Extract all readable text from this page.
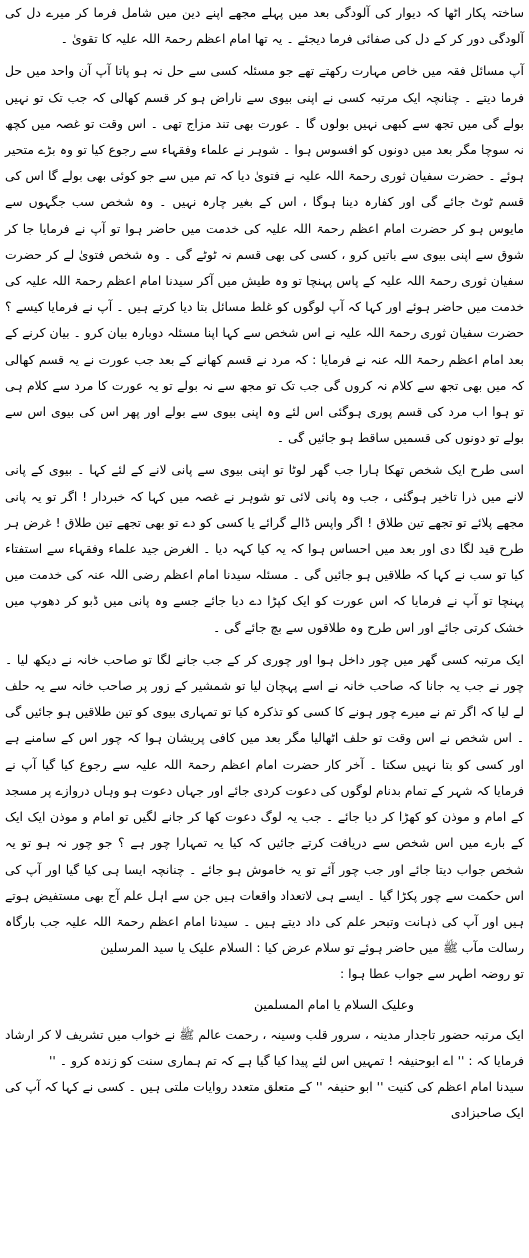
ساختہ پکار اٹھا کہ دیوار کی آلودگی بعد میں پہلے مجھے اپنے دین میں شامل فرما کر میرے دل کی آلودگی دور کر کے دل کی صفائی فرما دیجئے ۔ یہ تھا امام اعظم رحمۃ اللہ علیہ کا تقویٰ ۔

آپ مسائل فقہ میں خاص مہارت رکھتے تھے جو مسئلہ کسی سے حل نہ ہو پاتا آپ آن واحد میں حل فرما دیتے ۔ چنانچہ ایک مرتبہ کسی نے اپنی بیوی سے ناراض ہو کر قسم کھالی کہ جب تک تو نہیں بولے گی میں تجھ سے کبھی نہیں بولوں گا ۔ عورت بھی تند مزاج تھی ۔ اس وقت تو غصہ میں کچھ نہ سوچا مگر بعد میں دونوں کو افسوس ہوا ۔ شوہر نے علماء وفقہاء سے رجوع کیا تو وہ بڑے متحیر ہوئے ۔ حضرت سفیان ثوری رحمۃ اللہ علیہ نے فتویٰ دیا کہ تم میں سے جو کوئی بھی بولے گا اس کی قسم ٹوٹ جائے گی اور کفارہ دینا ہوگا ، اس کے بغیر چارہ نہیں ۔ وہ شخص سب جگہوں سے مایوس ہو کر حضرت امام اعظم رحمۃ اللہ علیہ کی خدمت میں حاضر ہوا تو آپ نے فرمایا جا کر شوق سے اپنی بیوی سے باتیں کرو ، کسی کی بھی قسم نہ ٹوٹے گی ۔ وہ شخص فتویٰ لے کر حضرت سفیان ثوری رحمۃ اللہ علیہ کے پاس پہنچا تو وہ طیش میں آکر سیدنا امام اعظم رحمۃ اللہ علیہ کی خدمت میں حاضر ہوئے اور کہا کہ آپ لوگوں کو غلط مسائل بتا دیا کرتے ہیں ۔ آپ نے فرمایا کیسے ؟ حضرت سفیان ثوری رحمۃ اللہ علیہ نے اس شخص سے کہا اپنا مسئلہ دوبارہ بیان کرو ۔ بیان کرنے کے بعد امام اعظم رحمۃ اللہ عنہ نے فرمایا : کہ مرد نے قسم کھانے کے بعد جب عورت نے یہ قسم کھالی کہ میں بھی تجھ سے کلام نہ کروں گی جب تک تو مجھ سے نہ بولے تو یہ عورت کا مرد سے کلام ہی تو ہوا اب مرد کی قسم پوری ہوگئی اس لئے وہ اپنی بیوی سے بولے اور پھر اس کی بیوی اس سے بولے تو دونوں کی قسمیں ساقط ہو جائیں گی ۔

اسی طرح ایک شخص تھکا ہارا جب گھر لوٹا تو اپنی بیوی سے پانی لانے کے لئے کہا ۔ بیوی کے پانی لانے میں ذرا تاخیر ہوگئی ، جب وہ پانی لائی تو شوہر نے غصہ میں کہا کہ خبردار ! اگر تو یہ پانی مجھے پلائے تو تجھے تین طلاق ! اگر واپس ڈالے گرائے یا کسی کو دے تو بھی تجھے تین طلاق ! غرض ہر طرح قید لگا دی اور بعد میں احساس ہوا کہ یہ کیا کہہ دیا ۔ الغرض جید علماء وفقہاء سے استفتاء کیا تو سب نے کہا کہ طلاقیں ہو جائیں گی ۔ مسئلہ سیدنا امام اعظم رضی اللہ عنہ کی خدمت میں پہنچا تو آپ نے فرمایا کہ اس عورت کو ایک کپڑا دے دیا جائے جسے وہ پانی میں ڈبو کر دھوپ میں خشک کرتی جائے اور اس طرح وہ طلاقوں سے بچ جائے گی ۔

ایک مرتبہ کسی گھر میں چور داخل ہوا اور چوری کر کے جب جانے لگا تو صاحب خانہ نے دیکھ لیا ۔ چور نے جب یہ جانا کہ صاحب خانہ نے اسے پہچان لیا تو شمشیر کے زور پر صاحب خانہ سے یہ حلف لے لیا کہ اگر تم نے میرے چور ہونے کا کسی کو تذکرہ کیا تو تمہاری بیوی کو تین طلاقیں ہو جائیں گی ۔ اس شخص نے اس وقت تو حلف اٹھالیا مگر بعد میں کافی پریشان ہوا کہ چور اس کے سامنے ہے اور کسی کو بتا نہیں سکتا ۔ آخر کار حضرت امام اعظم رحمۃ اللہ علیہ سے رجوع کیا گیا آپ نے فرمایا کہ شہر کے تمام بدنام لوگوں کی دعوت کردی جائے اور جہاں دعوت ہو وہاں دروازے پر مسجد کے امام و موذن کو کھڑا کر دیا جائے ۔ جب یہ لوگ دعوت کھا کر جانے لگیں تو امام و موذن ایک ایک کے بارے میں اس شخص سے دریافت کرتے جائیں کہ کیا یہ تمہارا چور ہے ؟ جو چور نہ ہو تو یہ شخص جواب دیتا جائے اور جب چور آئے تو یہ خاموش ہو جائے ۔ چنانچہ ایسا ہی کیا گیا اور آپ کی اس حکمت سے چور پکڑا گیا ۔ ایسے ہی لاتعداد واقعات ہیں جن سے اہل علم آج بھی مستفیض ہوتے ہیں اور آپ کی ذہانت وتبحر علم کی داد دیتے ہیں ۔ سیدنا امام اعظم رحمۃ اللہ علیہ جب بارگاہ رسالت مآب ﷺ میں حاضر ہوئے تو سلام عرض کیا : السلام علیک یا سید المرسلین

تو روضہ اطہر سے جواب عطا ہوا :

وعلیک السلام یا امام المسلمین

ایک مرتبہ حضور تاجدار مدینہ ، سرور قلب وسینہ ، رحمت عالم ﷺ نے خواب میں تشریف لا کر ارشاد فرمایا کہ : '' اے ابوحنیفہ ! تمہیں اس لئے پیدا کیا گیا ہے کہ تم ہماری سنت کو زندہ کرو ۔ ''

سیدنا امام اعظم کی کنیت '' ابو حنیفہ '' کے متعلق متعدد روایات ملتی ہیں ۔ کسی نے کہا کہ آپ کی ایک صاحبزادی
